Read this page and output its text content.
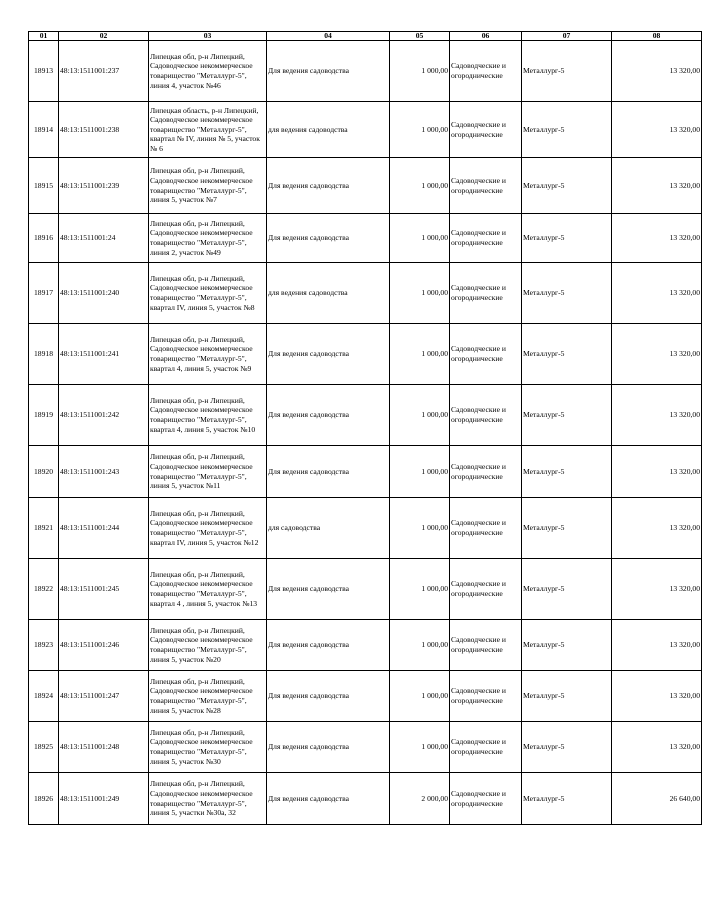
01	02	03	04	05	06	07	08
18913	48:13:1511001:237	Липецкая обл, р-н Липецкий, Садоводческое некоммерческое товарищество "Металлург-5", линия 4, участок №46	Для ведения садоводства	1 000,00	Садоводческие и огороднические	Металлург-5	13 320,00
18914	48:13:1511001:238	Липецкая область, р-н Липецкий, Садоводческое некоммерческое товарищество "Металлург-5", квартал № IV, линия № 5, участок № 6	для ведения садоводства	1 000,00	Садоводческие и огороднические	Металлург-5	13 320,00
18915	48:13:1511001:239	Липецкая обл, р-н Липецкий, Садоводческое некоммерческое товарищество "Металлург-5", линия 5, участок №7	Для ведения садоводства	1 000,00	Садоводческие и огороднические	Металлург-5	13 320,00
18916	48:13:1511001:24	Липецкая обл, р-н Липецкий, Садоводческое некоммерческое товарищество "Металлург-5", линия 2, участок №49	Для ведения садоводства	1 000,00	Садоводческие и огороднические	Металлург-5	13 320,00
18917	48:13:1511001:240	Липецкая обл, р-н Липецкий, Садоводческое некоммерческое товарищество "Металлург-5", квартал IV, линия 5, участок №8	для ведения садоводства	1 000,00	Садоводческие и огороднические	Металлург-5	13 320,00
18918	48:13:1511001:241	Липецкая обл, р-н Липецкий, Садоводческое некоммерческое товарищество "Металлург-5", квартал 4, линия 5, участок №9	Для ведения садоводства	1 000,00	Садоводческие и огороднические	Металлург-5	13 320,00
18919	48:13:1511001:242	Липецкая обл, р-н Липецкий, Садоводческое некоммерческое товарищество "Металлург-5", квартал 4, линия 5, участок №10	Для ведения садоводства	1 000,00	Садоводческие и огороднические	Металлург-5	13 320,00
18920	48:13:1511001:243	Липецкая обл, р-н Липецкий, Садоводческое некоммерческое товарищество "Металлург-5", линия 5, участок №11	Для ведения садоводства	1 000,00	Садоводческие и огороднические	Металлург-5	13 320,00
18921	48:13:1511001:244	Липецкая обл, р-н Липецкий, Садоводческое некоммерческое товарищество "Металлург-5", квартал IV, линия 5, участок №12	для садоводства	1 000,00	Садоводческие и огороднические	Металлург-5	13 320,00
18922	48:13:1511001:245	Липецкая обл, р-н Липецкий, Садоводческое некоммерческое товарищество "Металлург-5", квартал 4 , линия 5, участок №13	Для ведения садоводства	1 000,00	Садоводческие и огороднические	Металлург-5	13 320,00
18923	48:13:1511001:246	Липецкая обл, р-н Липецкий, Садоводческое некоммерческое товарищество "Металлург-5", линия 5, участок №20	Для ведения садоводства	1 000,00	Садоводческие и огороднические	Металлург-5	13 320,00
18924	48:13:1511001:247	Липецкая обл, р-н Липецкий, Садоводческое некоммерческое товарищество "Металлург-5", линия 5, участок №28	Для ведения садоводства	1 000,00	Садоводческие и огороднические	Металлург-5	13 320,00
18925	48:13:1511001:248	Липецкая обл, р-н Липецкий, Садоводческое некоммерческое товарищество "Металлург-5", линия 5, участок №30	Для ведения садоводства	1 000,00	Садоводческие и огороднические	Металлург-5	13 320,00
18926	48:13:1511001:249	Липецкая обл, р-н Липецкий, Садоводческое некоммерческое товарищество "Металлург-5", линия 5, участки №30а, 32	Для ведения садоводства	2 000,00	Садоводческие и огороднические	Металлург-5	26 640,00
